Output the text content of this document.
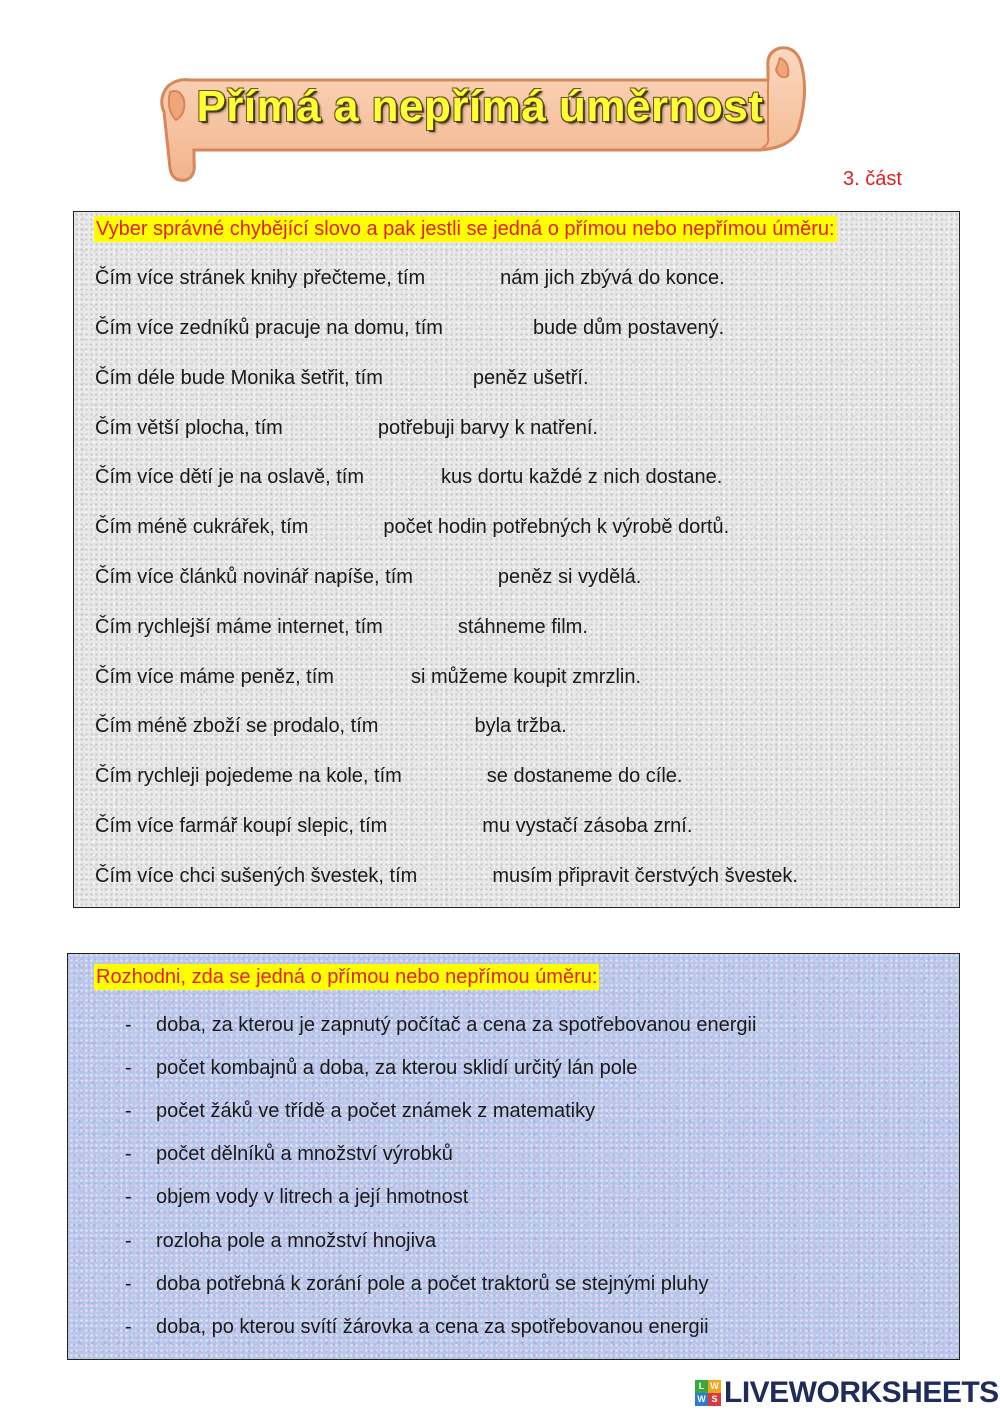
Přímá a nepřímá úměrnost
3. část
Vyber správné chybějící slovo a pak jestli se jedná o přímou nebo nepřímou úměru:
Čím více stránek knihy přečteme, tím	nám jich zbývá do konce.
Čím více zedníků pracuje na domu, tím	bude dům postavený.
Čím déle bude Monika šetřit, tím	peněz ušetří.
Čím větší plocha, tím	potřebuji barvy k natření.
Čím více dětí je na oslavě, tím	kus dortu každé z nich dostane.
Čím méně cukrářek, tím	počet hodin potřebných k výrobě dortů.
Čím více článků novinář napíše, tím	peněz si vydělá.
Čím rychlejší máme internet, tím	stáhneme film.
Čím více máme peněz, tím	si můžeme koupit zmrzlin.
Čím méně zboží se prodalo, tím	byla tržba.
Čím rychleji pojedeme na kole, tím	se dostaneme do cíle.
Čím více farmář koupí slepic, tím	mu vystačí zásoba zrní.
Čím více chci sušených švestek, tím	musím připravit čerstvých švestek.
Rozhodni, zda se jedná o přímou nebo nepřímou úměru:
- doba, za kterou je zapnutý počítač a cena za spotřebovanou energii
- počet kombajnů a doba, za kterou sklidí určitý lán pole
- počet žáků ve třídě a počet známek z matematiky
- počet dělníků a množství výrobků
- objem vody v litrech a její hmotnost
- rozloha pole a množství hnojiva
- doba potřebná k zorání pole a počet traktorů se stejnými pluhy
- doba, po kterou svítí žárovka a cena za spotřebovanou energii
L W
W S LIVEWORKSHEETS
